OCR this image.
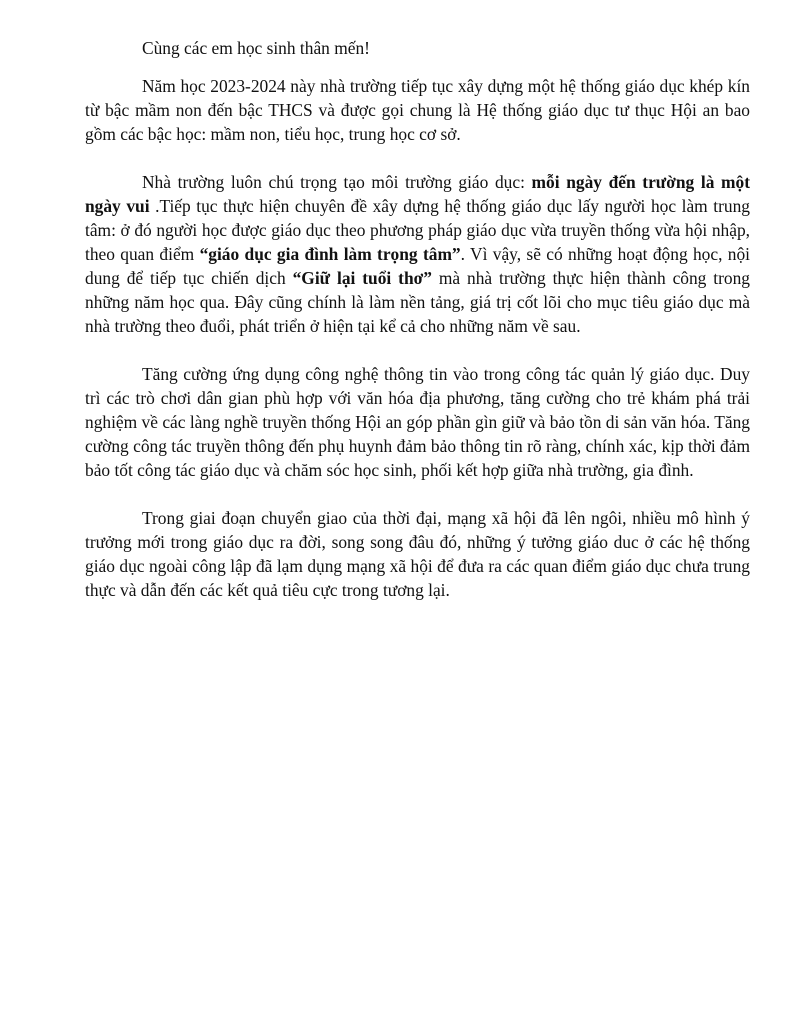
Cùng các em học sinh thân mến!

Năm học 2023-2024 này nhà trường tiếp tục xây dựng một hệ thống giáo dục khép kín từ bậc mầm non đến bậc THCS và được gọi chung là Hệ thống giáo dục tư thục Hội an bao gồm các bậc học: mầm non, tiểu học, trung học cơ sở.

Nhà trường luôn chú trọng tạo môi trường giáo dục: mỗi ngày đến trường là một ngày vui .Tiếp tục thực hiện chuyên đề xây dựng hệ thống giáo dục lấy người học làm trung tâm: ở đó người học được giáo dục theo phương pháp giáo dục vừa truyền thống vừa hội nhập, theo quan điểm “giáo dục gia đình làm trọng tâm”. Vì vậy, sẽ có những hoạt động học, nội dung để tiếp tục chiến dịch “Giữ lại tuổi thơ” mà nhà trường thực hiện thành công trong những năm học qua. Đây cũng chính là làm nền tảng, giá trị cốt lõi cho mục tiêu giáo dục mà nhà trường theo đuổi, phát triển ở hiện tại kể cả cho những năm về sau.

Tăng cường ứng dụng công nghệ thông tin vào trong công tác quản lý giáo dục. Duy trì các trò chơi dân gian phù hợp với văn hóa địa phương, tăng cường cho trẻ khám phá trải nghiệm về các làng nghề truyền thống Hội an góp phần gìn giữ và bảo tồn di sản văn hóa. Tăng cường công tác truyền thông đến phụ huynh đảm bảo thông tin rõ ràng, chính xác, kịp thời đảm bảo tốt công tác giáo dục và chăm sóc học sinh, phối kết hợp giữa nhà trường, gia đình.

Trong giai đoạn chuyển giao của thời đại, mạng xã hội đã lên ngôi, nhiều mô hình ý trưởng mới trong giáo dục ra đời, song song đâu đó, những ý tưởng giáo duc ở các hệ thống giáo dục ngoài công lập đã lạm dụng mạng xã hội để đưa ra các quan điểm giáo dục chưa trung thực và dẫn đến các kết quả tiêu cực trong tương lại.
